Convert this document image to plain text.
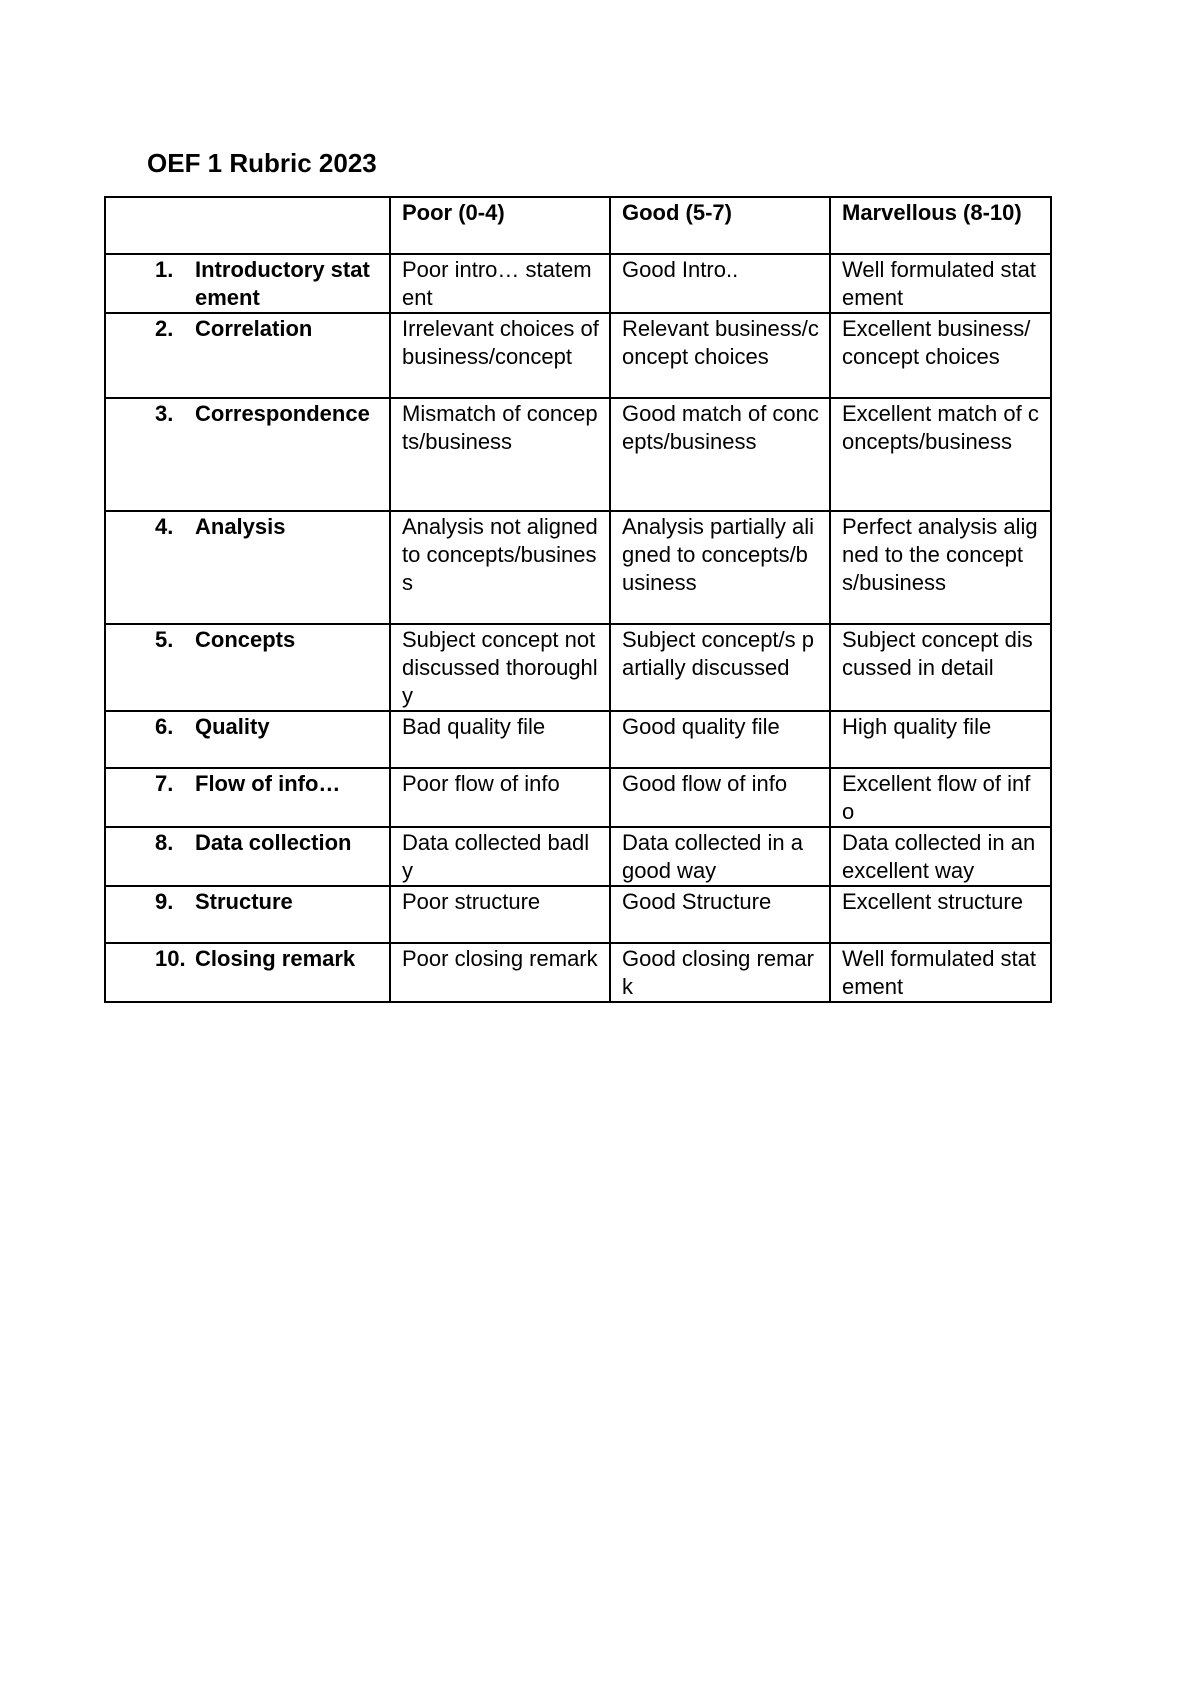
OEF 1 Rubric 2023
	Poor (0-4)	Good (5-7)	Marvellous (8-10)

1. Introductory statement	Poor intro… statement	Good Intro..	Well formulated statement

2. Correlation	Irrelevant choices of business/concept	Relevant business/concept choices	Excellent business/concept choices

3. Correspondence	Mismatch of concepts/business	Good match of concepts/business	Excellent match of concepts/business

4. Analysis	Analysis not aligned to concepts/business	Analysis partially aligned to concepts/business	Perfect analysis aligned to the concepts/business

5. Concepts	Subject concept not discussed thoroughly	Subject concept/s partially discussed	Subject concept discussed in detail

6. Quality	Bad quality file	Good quality file	High quality file

7. Flow of info…	Poor flow of info	Good flow of info	Excellent flow of info

8. Data collection	Data collected badly	Data collected in a good way	Data collected in an excellent way

9. Structure	Poor structure	Good Structure	Excellent structure

10. Closing remark	Poor closing remark	Good closing remark	Well formulated statement
